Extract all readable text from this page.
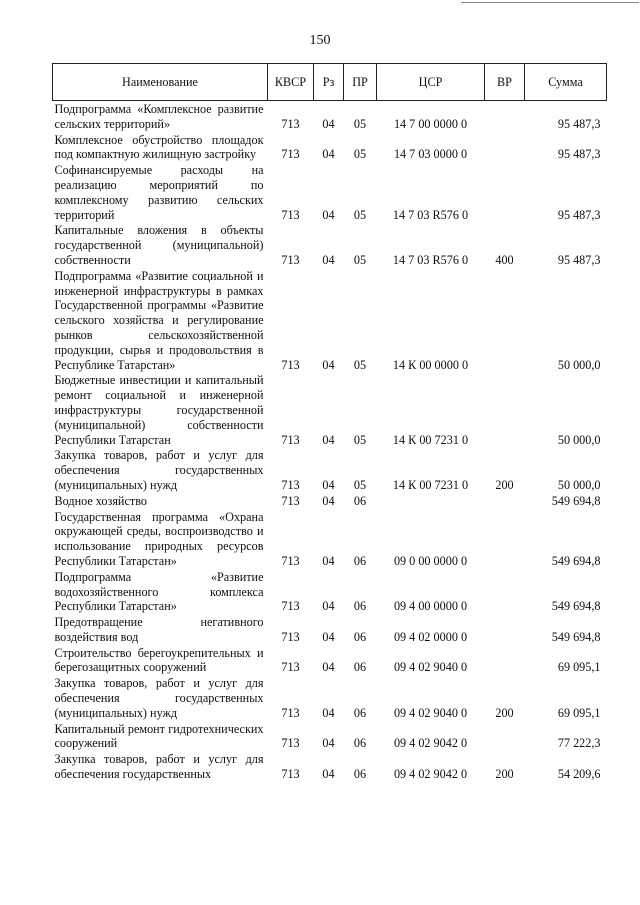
150
Наименование	КВСР	Рз	ПР	ЦСР	ВР	Сумма
Подпрограмма «Комплексное развитие сельских территорий»	713	04	05	14 7 00 0000 0		95 487,3
Комплексное обустройство площадок под компактную жилищную застройку	713	04	05	14 7 03 0000 0		95 487,3
Софинансируемые расходы на реализацию мероприятий по комплексному развитию сельских территорий	713	04	05	14 7 03 R576 0		95 487,3
Капитальные вложения в объекты государственной (муниципальной) собственности	713	04	05	14 7 03 R576 0	400	95 487,3
Подпрограмма «Развитие социальной и инженерной инфраструктуры в рамках Государственной программы «Развитие сельского хозяйства и регулирование рынков сельскохозяйственной продукции, сырья и продовольствия в Республике Татарстан»	713	04	05	14 К 00 0000 0		50 000,0
Бюджетные инвестиции и капитальный ремонт социальной и инженерной инфраструктуры государственной (муниципальной) собственности Республики Татарстан	713	04	05	14 К 00 7231 0		50 000,0
Закупка товаров, работ и услуг для обеспечения государственных (муниципальных) нужд	713	04	05	14 К 00 7231 0	200	50 000,0
Водное хозяйство	713	04	06			549 694,8
Государственная программа «Охрана окружающей среды, воспроизводство и использование природных ресурсов Республики Татарстан»	713	04	06	09 0 00 0000 0		549 694,8
Подпрограмма «Развитие водохозяйственного комплекса Республики Татарстан»	713	04	06	09 4 00 0000 0		549 694,8
Предотвращение негативного воздействия вод	713	04	06	09 4 02 0000 0		549 694,8
Строительство берегоукрепительных и берегозащитных сооружений	713	04	06	09 4 02 9040 0		69 095,1
Закупка товаров, работ и услуг для обеспечения государственных (муниципальных) нужд	713	04	06	09 4 02 9040 0	200	69 095,1
Капитальный ремонт гидротехнических сооружений	713	04	06	09 4 02 9042 0		77 222,3
Закупка товаров, работ и услуг для обеспечения государственных	713	04	06	09 4 02 9042 0	200	54 209,6
